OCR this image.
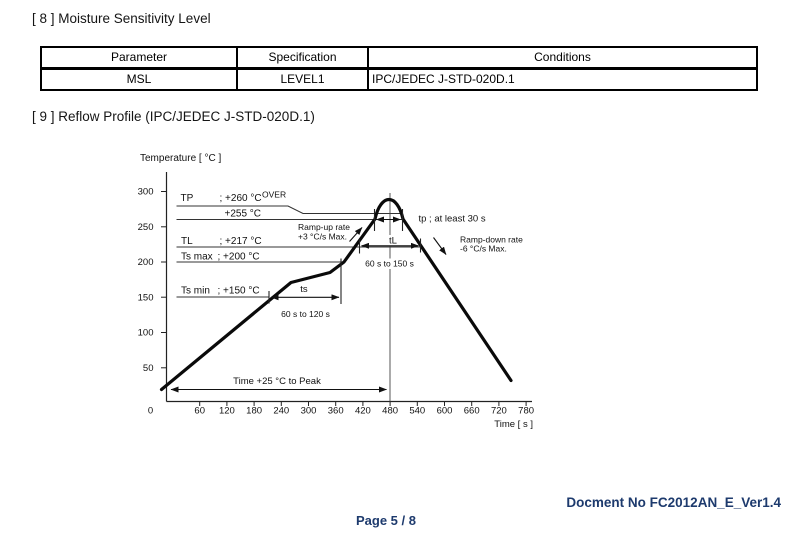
[ 8 ] Moisture Sensitivity Level
Parameter	Specification	Conditions
MSL	LEVEL1	IPC/JEDEC J-STD-020D.1
[ 9 ] Reflow Profile (IPC/JEDEC J-STD-020D.1)
Temperature [ °C ]
Time [ s ]
300
250
200
150
100
50
0	60 120 180 240 300 360 420 480 540 600 660 720 780
TP	; +260 °C OVER
+255 °C
TL	; +217 °C
Ts max ; +200 °C
Ts min ; +150 °C	ts
60 s to 120 s
tL
60 s to 150 s
tp ; at least 30 s
Ramp-up rate
+3 °C/s Max.	Ramp-down rate
-6 °C/s Max.
Time +25 °C to Peak
Docment No FC2012AN_E_Ver1.4
Page 5 / 8
